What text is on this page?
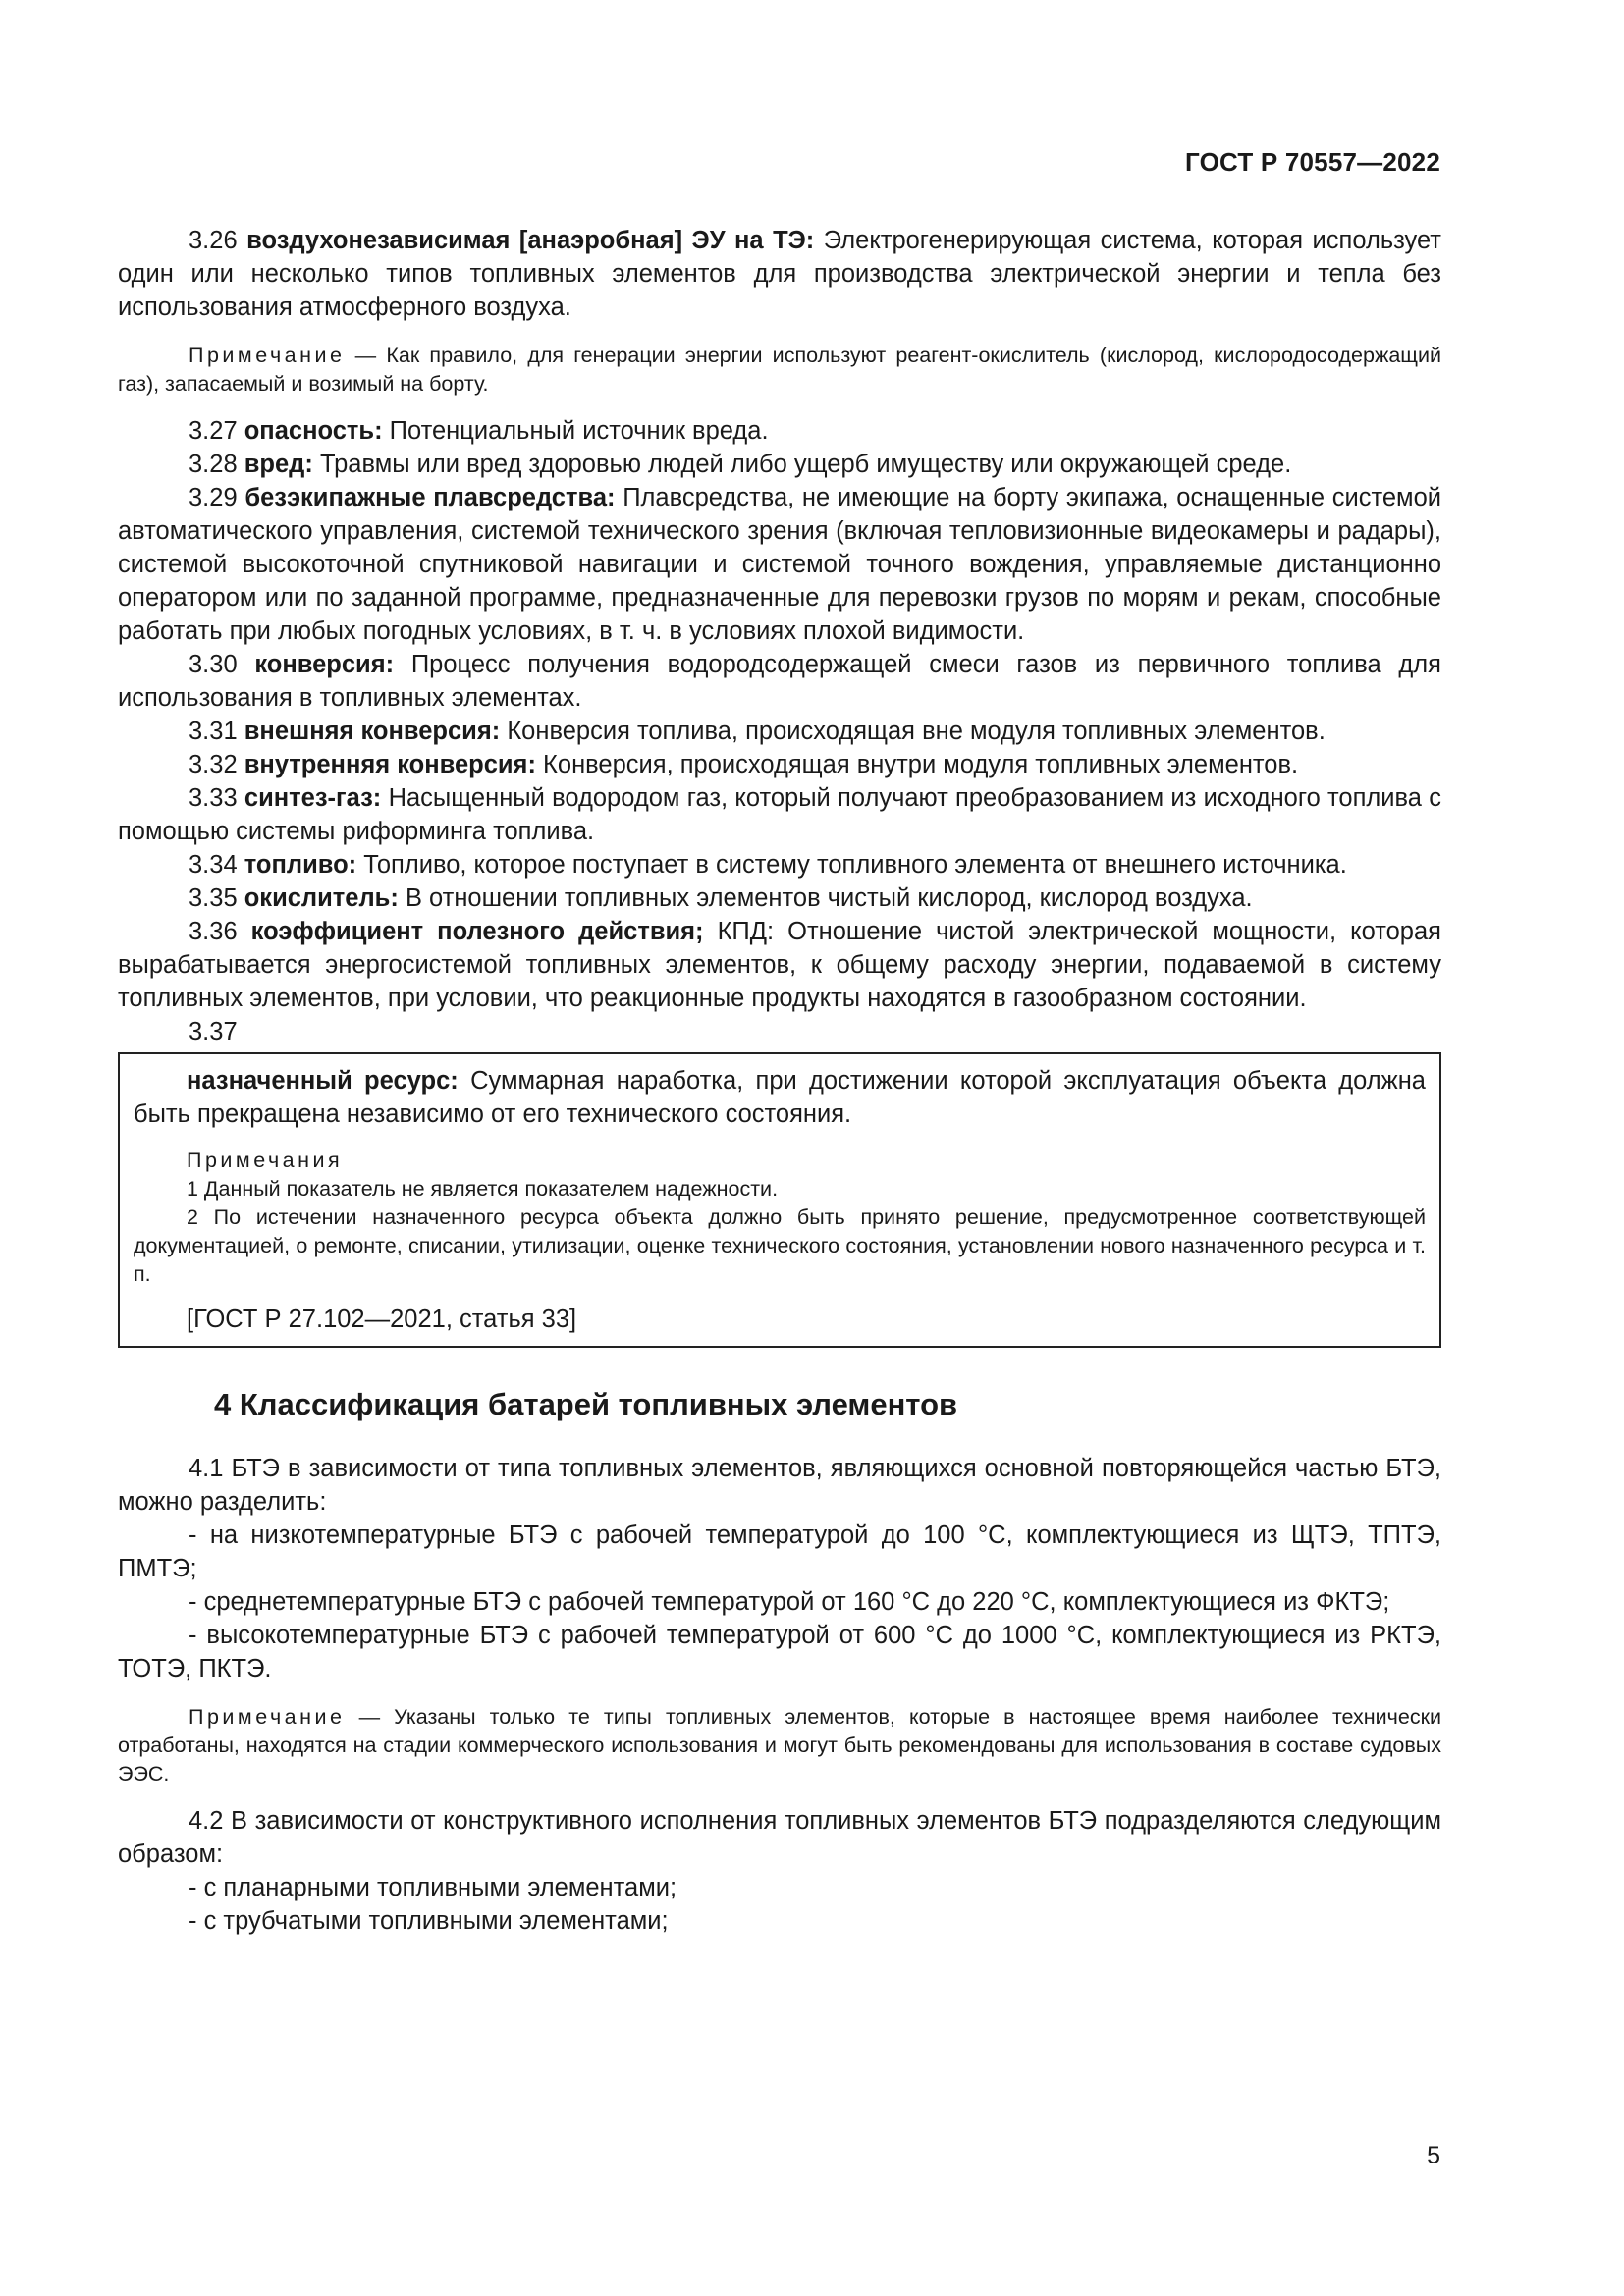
ГОСТ Р 70557—2022

3.26 воздухонезависимая [анаэробная] ЭУ на ТЭ: Электрогенерирующая система, которая использует один или несколько типов топливных элементов для производства электрической энергии и тепла без использования атмосферного воздуха.

Примечание — Как правило, для генерации энергии используют реагент-окислитель (кислород, кислородосодержащий газ), запасаемый и возимый на борту.

3.27 опасность: Потенциальный источник вреда.

3.28 вред: Травмы или вред здоровью людей либо ущерб имуществу или окружающей среде.

3.29 безэкипажные плавсредства: Плавсредства, не имеющие на борту экипажа, оснащенные системой автоматического управления, системой технического зрения (включая тепловизионные видеокамеры и радары), системой высокоточной спутниковой навигации и системой точного вождения, управляемые дистанционно оператором или по заданной программе, предназначенные для перевозки грузов по морям и рекам, способные работать при любых погодных условиях, в т. ч. в условиях плохой видимости.

3.30 конверсия: Процесс получения водородсодержащей смеси газов из первичного топлива для использования в топливных элементах.

3.31 внешняя конверсия: Конверсия топлива, происходящая вне модуля топливных элементов.

3.32 внутренняя конверсия: Конверсия, происходящая внутри модуля топливных элементов.

3.33 синтез-газ: Насыщенный водородом газ, который получают преобразованием из исходного топлива с помощью системы риформинга топлива.

3.34 топливо: Топливо, которое поступает в систему топливного элемента от внешнего источника.

3.35 окислитель: В отношении топливных элементов чистый кислород, кислород воздуха.

3.36 коэффициент полезного действия; КПД: Отношение чистой электрической мощности, которая вырабатывается энергосистемой топливных элементов, к общему расходу энергии, подаваемой в систему топливных элементов, при условии, что реакционные продукты находятся в газообразном состоянии.

3.37

назначенный ресурс: Суммарная наработка, при достижении которой эксплуатация объекта должна быть прекращена независимо от его технического состояния.

Примечания

1 Данный показатель не является показателем надежности.

2 По истечении назначенного ресурса объекта должно быть принято решение, предусмотренное соответствующей документацией, о ремонте, списании, утилизации, оценке технического состояния, установлении нового назначенного ресурса и т. п.

[ГОСТ Р 27.102—2021, статья 33]

4 Классификация батарей топливных элементов

4.1 БТЭ в зависимости от типа топливных элементов, являющихся основной повторяющейся частью БТЭ, можно разделить:

- на низкотемпературные БТЭ с рабочей температурой до 100 °С, комплектующиеся из ЩТЭ, ТПТЭ, ПМТЭ;

- среднетемпературные БТЭ с рабочей температурой от 160 °С до 220 °С, комплектующиеся из ФКТЭ;

- высокотемпературные БТЭ с рабочей температурой от 600 °С до 1000 °С, комплектующиеся из РКТЭ, ТОТЭ, ПКТЭ.

Примечание — Указаны только те типы топливных элементов, которые в настоящее время наиболее технически отработаны, находятся на стадии коммерческого использования и могут быть рекомендованы для использования в составе судовых ЭЭС.

4.2 В зависимости от конструктивного исполнения топливных элементов БТЭ подразделяются следующим образом:

- с планарными топливными элементами;

- с трубчатыми топливными элементами;

5
